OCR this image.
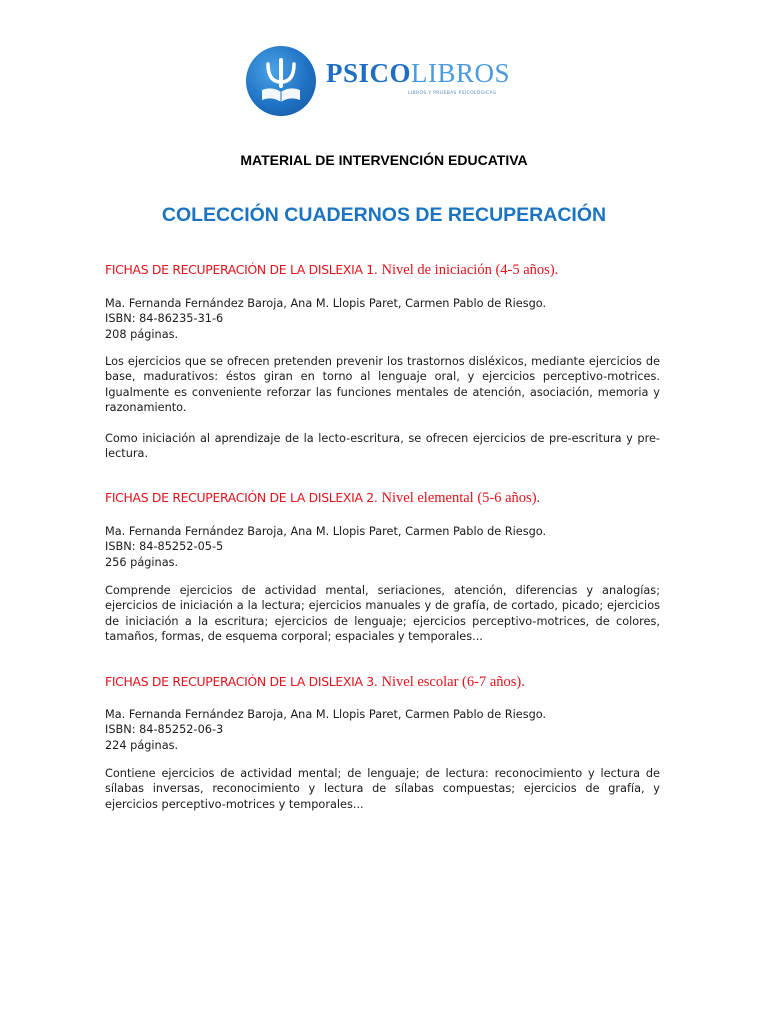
PSICOLIBROS
LIBROS Y PRUEBAS PSICOLÓGICAS
MATERIAL DE INTERVENCIÓN EDUCATIVA
COLECCIÓN CUADERNOS DE RECUPERACIÓN
FICHAS DE RECUPERACIÓN DE LA DISLEXIA 1. Nivel de iniciación (4-5 años).
Ma. Fernanda Fernández Baroja, Ana M. Llopis Paret, Carmen Pablo de Riesgo.
ISBN: 84-86235-31-6
208 páginas.
Los ejercicios que se ofrecen pretenden prevenir los trastornos disléxicos, mediante ejercicios de base, madurativos: éstos giran en torno al lenguaje oral, y ejercicios perceptivo-motrices. Igualmente es conveniente reforzar las funciones mentales de atención, asociación, memoria y razonamiento.
Como iniciación al aprendizaje de la lecto-escritura, se ofrecen ejercicios de pre-escritura y pre-lectura.
FICHAS DE RECUPERACIÓN DE LA DISLEXIA 2. Nivel elemental (5-6 años).
Ma. Fernanda Fernández Baroja, Ana M. Llopis Paret, Carmen Pablo de Riesgo.
ISBN: 84-85252-05-5
256 páginas.
Comprende ejercicios de actividad mental, seriaciones, atención, diferencias y analogías; ejercicios de iniciación a la lectura; ejercicios manuales y de grafía, de cortado, picado; ejercicios de iniciación a la escritura; ejercicios de lenguaje; ejercicios perceptivo-motrices, de colores, tamaños, formas, de esquema corporal; espaciales y temporales...
FICHAS DE RECUPERACIÓN DE LA DISLEXIA 3. Nivel escolar (6-7 años).
Ma. Fernanda Fernández Baroja, Ana M. Llopis Paret, Carmen Pablo de Riesgo.
ISBN: 84-85252-06-3
224 páginas.
Contiene ejercicios de actividad mental; de lenguaje; de lectura: reconocimiento y lectura de sílabas inversas, reconocimiento y lectura de sílabas compuestas; ejercicios de grafía, y ejercicios perceptivo-motrices y temporales...
